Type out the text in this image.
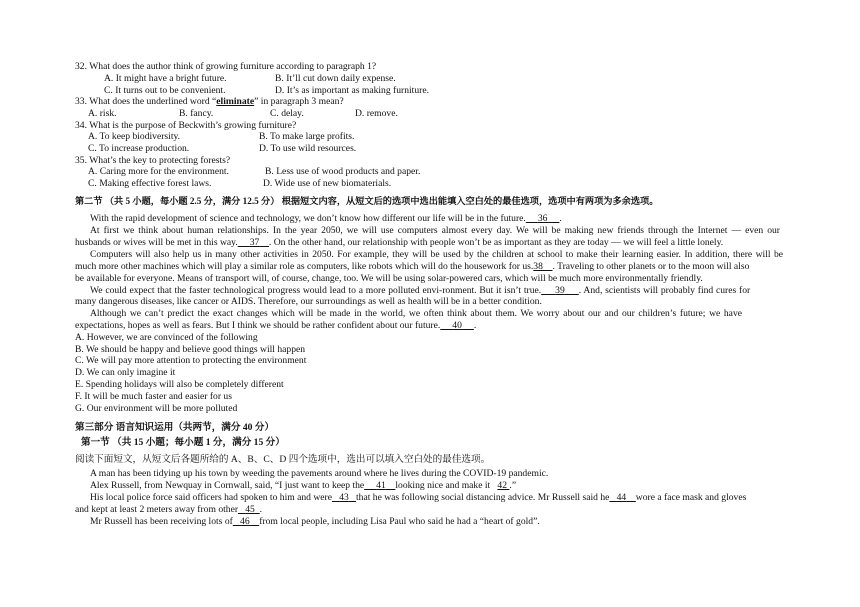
32. What does the author think of growing furniture according to paragraph 1?
A. It might have a bright future.	B. It’ll cut down daily expense.
C. It turns out to be convenient.	D. It’s as important as making furniture.
33. What does the underlined word “eliminate” in paragraph 3 mean?
A. risk.	B. fancy.	C. delay.	D. remove.
34. What is the purpose of Beckwith’s growing furniture?
A. To keep biodiversity.	B. To make large profits.
C. To increase production.	D. To use wild resources.
35. What’s the key to protecting forests?
A. Caring more for the environment.	B. Less use of wood products and paper.
C. Making effective forest laws.	D. Wide use of new biomaterials.
第二节 （共 5 小题，每小题 2.5 分，满分 12.5 分） 根据短文内容，从短文后的选项中选出能填入空白处的最佳选项，选项中有两项为多余选项。
With the rapid development of science and technology, we don’t know how different our life will be in the future. 36 .
At first we think about human relationships. In the year 2050, we will use computers almost every day. We will be making new friends through the Internet — even our
husbands or wives will be met in this way. 37 . On the other hand, our relationship with people won’t be as important as they are today — we will feel a little lonely.
Computers will also help us in many other activities in 2050. For example, they will be used by the children at school to make their learning easier. In addition, there will be
much more other machines which will play a similar role as computers, like robots which will do the housework for us.38 . Traveling to other planets or to the moon will also
be available for everyone. Means of transport will, of course, change, too. We will be using solar-powered cars, which will be much more environmentally friendly.
We could expect that the faster technological progress would lead to a more polluted envi-ronment. But it isn’t true. 39 . And, scientists will probably find cures for
many dangerous diseases, like cancer or AIDS. Therefore, our surroundings as well as health will be in a better condition.
Although we can’t predict the exact changes which will be made in the world, we often think about them. We worry about our and our children’s future; we have
expectations, hopes as well as fears. But I think we should be rather confident about our future. 40 .
A. However, we are convinced of the following
B. We should be happy and believe good things will happen
C. We will pay more attention to protecting the environment
D. We can only imagine it
E. Spending holidays will also be completely different
F. It will be much faster and easier for us
G. Our environment will be more polluted
第三部分 语言知识运用（共两节，满分 40 分）
第一节 （共 15 小题；每小题 1 分，满分 15 分）
阅读下面短文，从短文后各题所给的 A、B、C、D 四个选项中，选出可以填入空白处的最佳选项。
A man has been tidying up his town by weeding the pavements around where he lives during the COVID-19 pandemic.
Alex Russell, from Newquay in Cornwall, said, “I just want to keep the 41 looking nice and make it 42 .”
His local police force said officers had spoken to him and were 43 that he was following social distancing advice. Mr Russell said he 44 wore a face mask and gloves
and kept at least 2 meters away from other 45 .
Mr Russell has been receiving lots of 46 from local people, including Lisa Paul who said he had a “heart of gold”.
